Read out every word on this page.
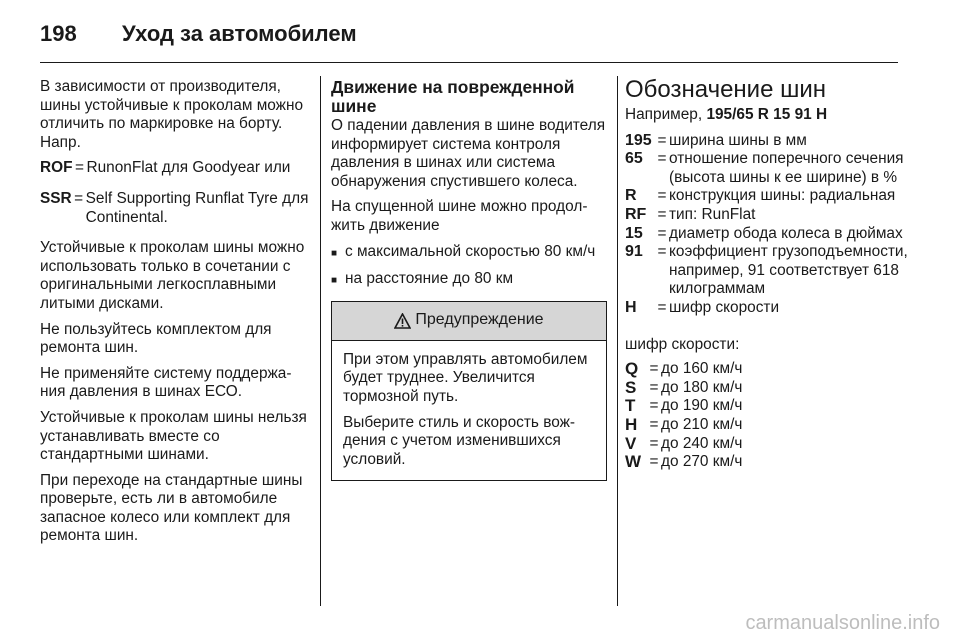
198	Уход за автомобилем

В зависимости от производителя, шины устойчивые к проколам можно отличить по маркировке на борту. Напр.

ROF = RunonFlat для Goodyear или
SSR = Self Supporting Runflat Tyre для Continental.

Устойчивые к проколам шины можно использовать только в сочетании с оригинальными легкосплавными литыми дисками.

Не пользуйтесь комплектом для ремонта шин.

Не применяйте систему поддержания давления в шинах ЕСО.

Устойчивые к проколам шины нельзя устанавливать вместе со стандартными шинами.

При переходе на стандартные шины проверьте, есть ли в автомобиле запасное колесо или комплект для ремонта шин.

Движение на поврежденной шине

О падении давления в шине водителя информирует система контроля давления в шинах или система обнаружения спустившего колеса.

На спущенной шине можно продолжить движение

■ с максимальной скоростью 80 км/ч
■ на расстояние до 80 км
Предупреждение

При этом управлять автомобилем будет труднее. Увеличится тормозной путь.

Выберите стиль и скорость вождения с учетом изменившихся условий.

Обозначение шин

Например, 195/65 R 15 91 H

195 = ширина шины в мм
65 = отношение поперечного сечения (высота шины к ее ширине) в %
R	= конструкция шины: радиальная
RF = тип: RunFlat
15 = диаметр обода колеса в дюймах
91 = коэффициент грузоподъемности, например, 91 соответствует 618 килограммам
H	= шифр скорости

шифр скорости:

Q = до 160 км/ч
S = до 180 км/ч
T = до 190 км/ч
H = до 210 км/ч
V = до 240 км/ч
W = до 270 км/ч
carmanualsonline.info
